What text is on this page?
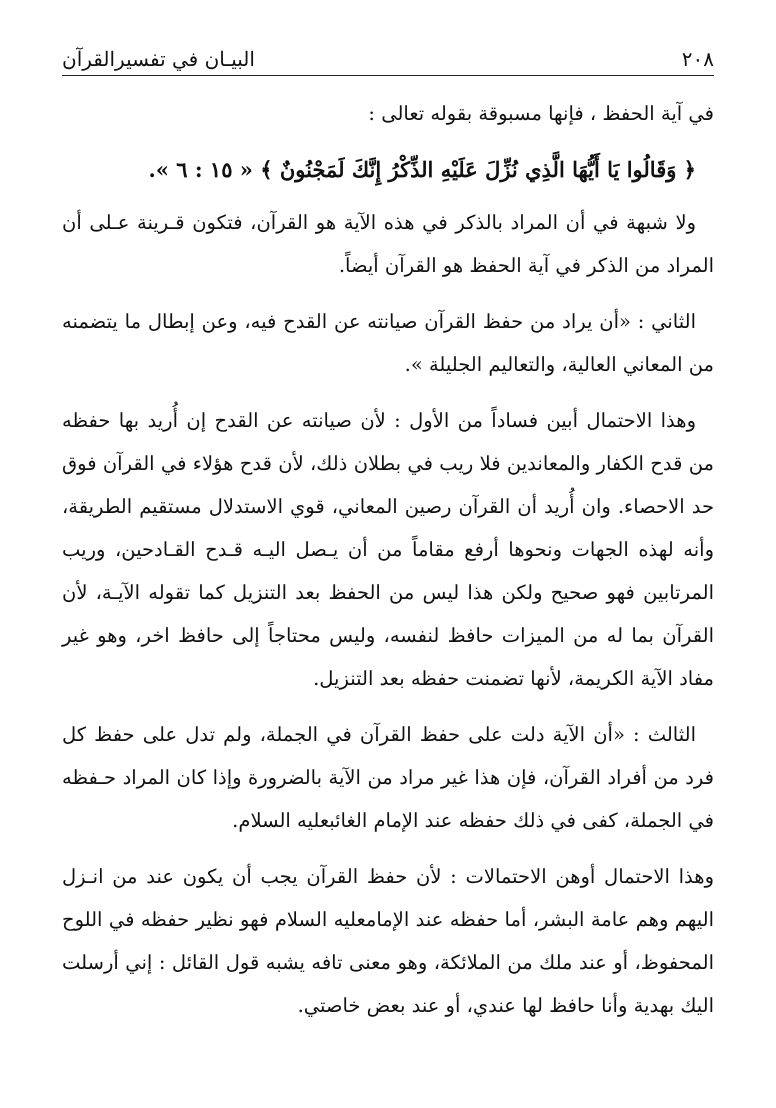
البيـان في تفسيرالقرآن	٢٠٨

في آية الحفظ ، فإنها مسبوقة بقوله تعالى :

﴿ وَقَالُوا يَا أَيُّهَا الَّذِي نُزِّلَ عَلَيْهِ الذِّكْرُ إِنَّكَ لَمَجْنُونٌ ﴾ « ١٥ : ٦ ».

ولا شبهة في أن المراد بالذكر في هذه الآية هو القرآن، فتكون قـرينة عـلى أن المراد من الذكر في آية الحفظ هو القرآن أيضاً.

الثاني : «أن يراد من حفظ القرآن صيانته عن القدح فيه، وعن إبطال ما يتضمنه من المعاني العالية، والتعاليم الجليلة ».

وهذا الاحتمال أبين فساداً من الأول : لأن صيانته عن القدح إن أُريد بها حفظه من قدح الكفار والمعاندين فلا ريب في بطلان ذلك، لأن قدح هؤلاء في القرآن فوق حد الاحصاء. وان أُريد أن القرآن رصين المعاني، قوي الاستدلال مستقيم الطريقة، وأنه لهذه الجهات ونحوها أرفع مقاماً من أن يـصل اليـه قـدح القـادحين، وريب المرتابين فهو صحيح ولكن هذا ليس من الحفظ بعد التنزيل كما تقوله الآيـة، لأن القرآن بما له من الميزات حافظ لنفسه، وليس محتاجاً إلى حافظ اخر، وهو غير مفاد الآية الكريمة، لأنها تضمنت حفظه بعد التنزيل.

الثالث : «أن الآية دلت على حفظ القرآن في الجملة، ولم تدل على حفظ كل فرد من أفراد القرآن، فإن هذا غير مراد من الآية بالضرورة وإذا كان المراد حـفظه في الجملة، كفى في ذلك حفظه عند الإمام الغائبعليه السلام.

وهذا الاحتمال أوهن الاحتمالات : لأن حفظ القرآن يجب أن يكون عند من انـزل اليهم وهم عامة البشر، أما حفظه عند الإمامعليه السلام فهو نظير حفظه في اللوح المحفوظ، أو عند ملك من الملائكة، وهو معنى تافه يشبه قول القائل : إني أرسلت اليك بهدية وأنا حافظ لها عندي، أو عند بعض خاصتي.
